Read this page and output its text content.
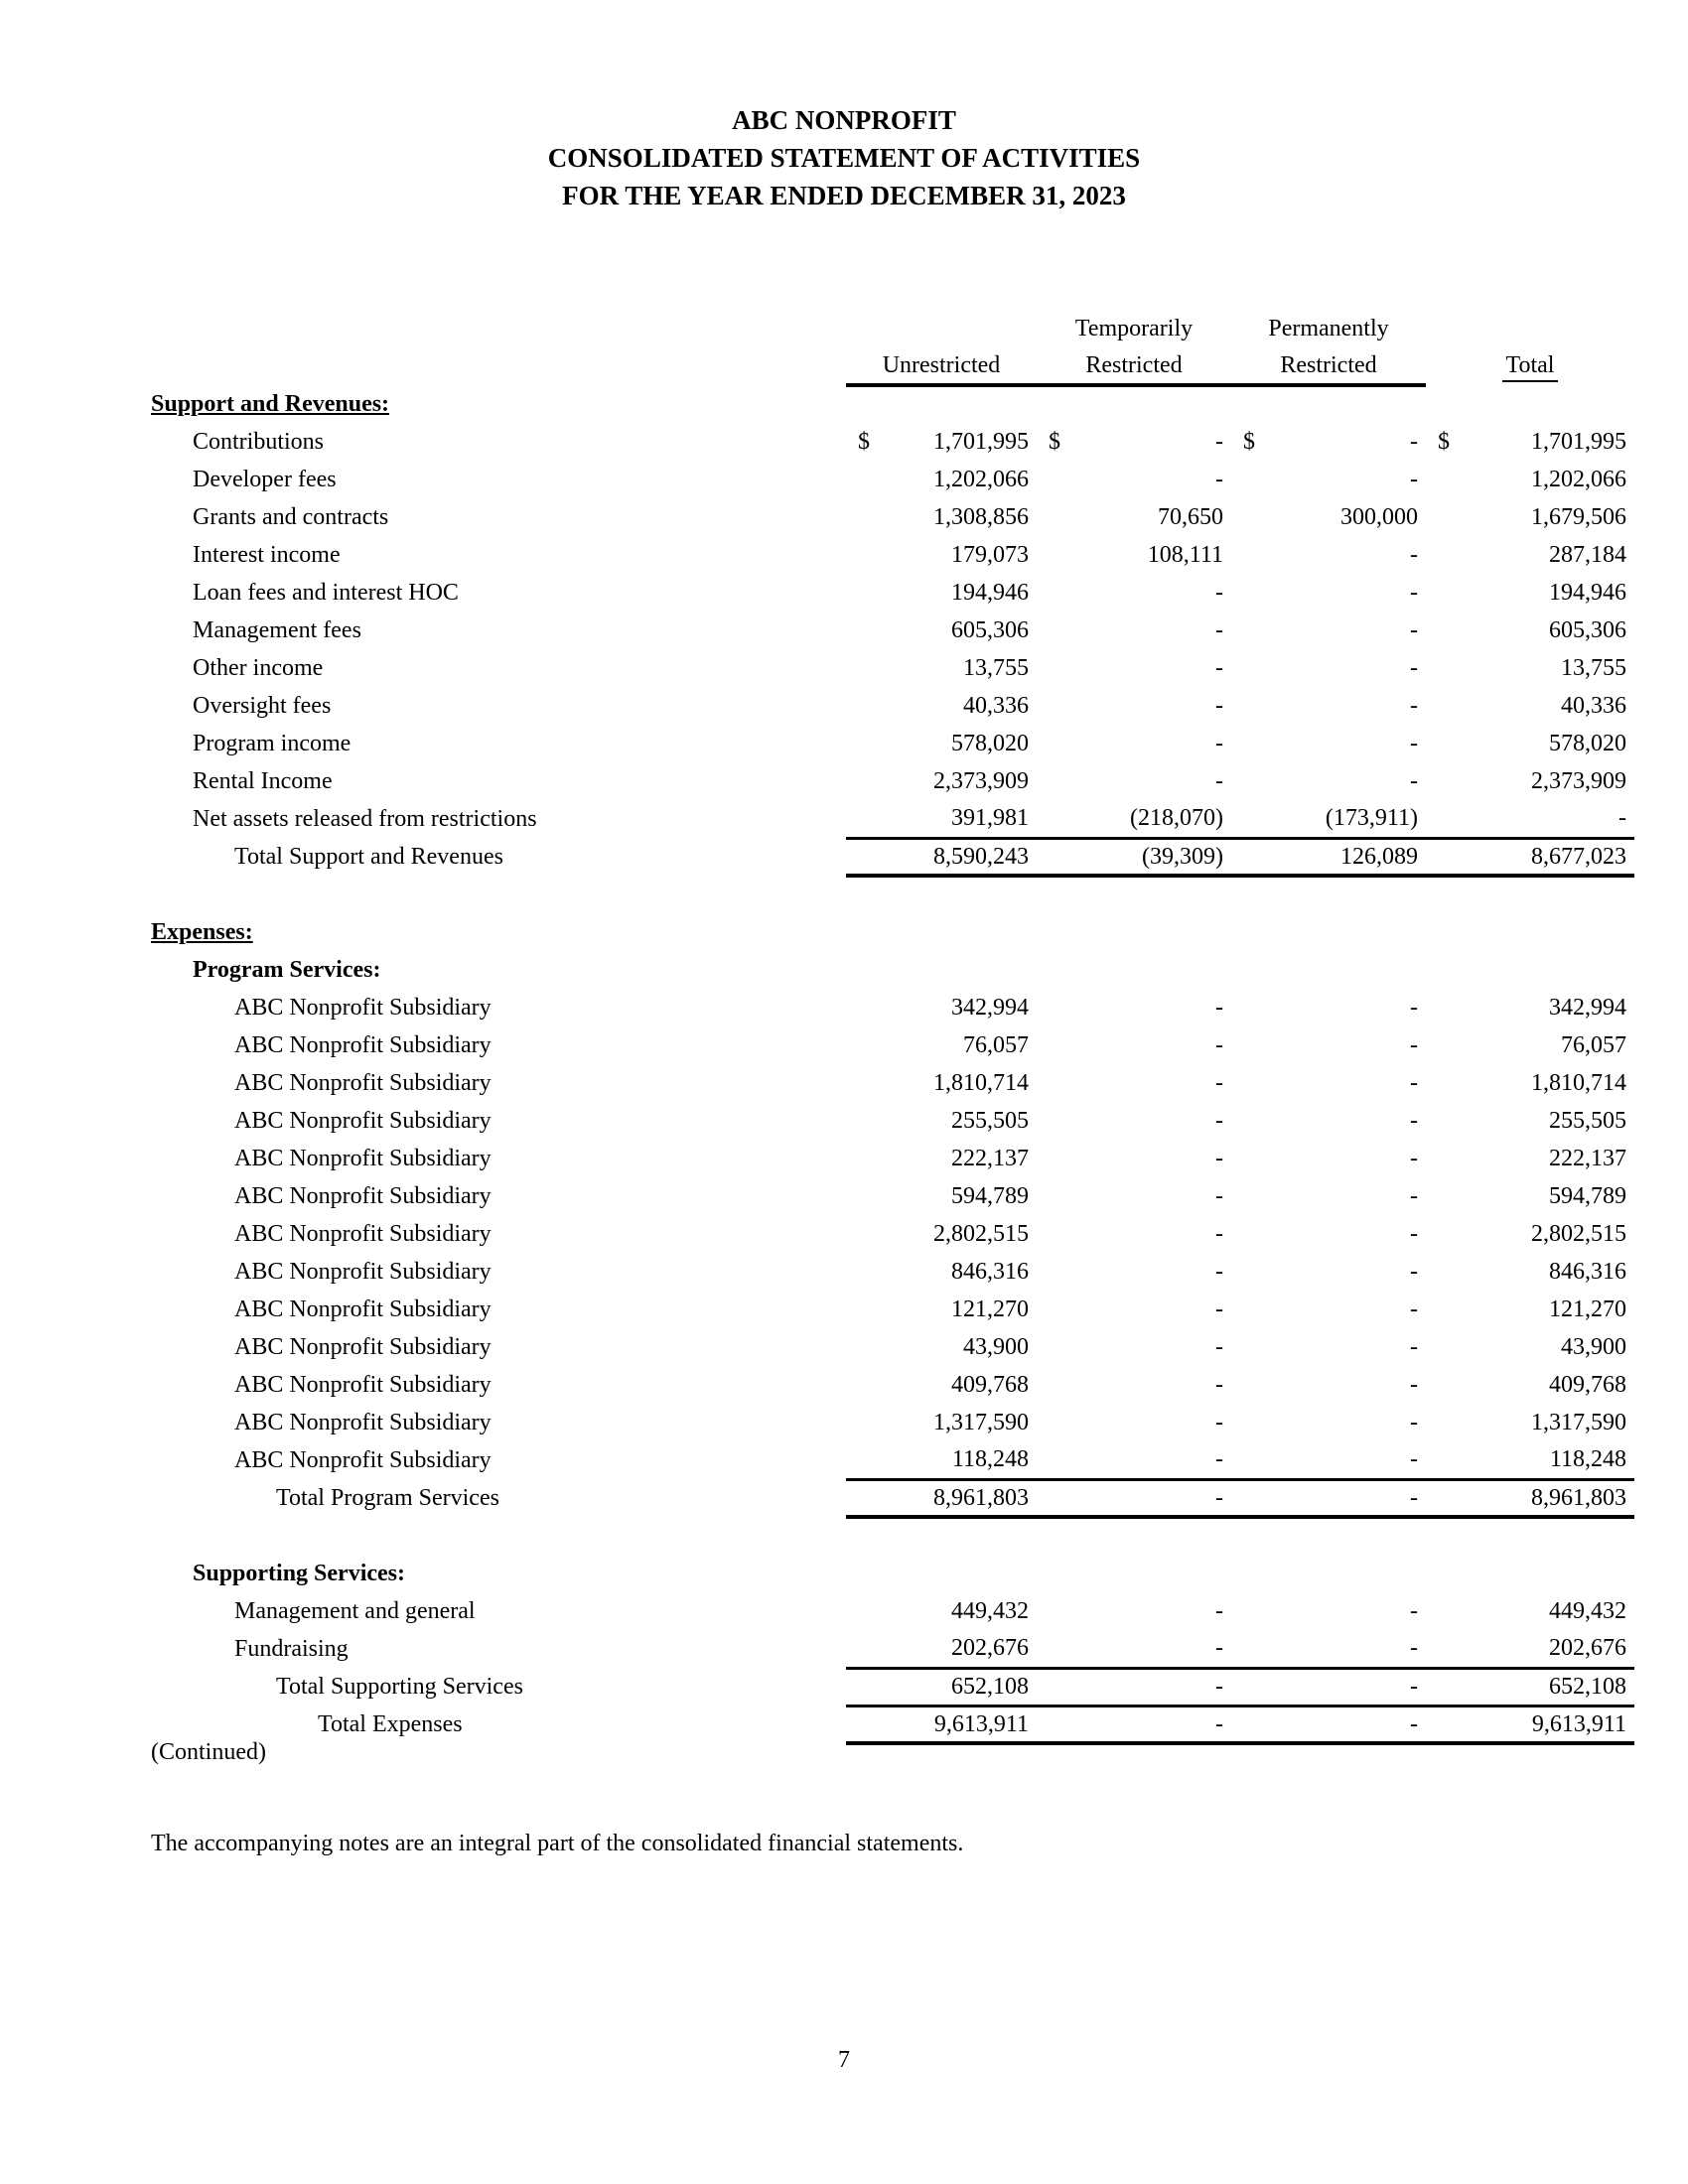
ABC NONPROFIT
CONSOLIDATED STATEMENT OF ACTIVITIES
FOR THE YEAR ENDED DECEMBER 31, 2023
		Temporarily	Permanently	
	Unrestricted	Restricted	Restricted	Total
Support and Revenues:				
Contributions	$ 1,701,995	$ -	$ -	$ 1,701,995

Developer fees	1,202,066	-	-	1,202,066
Grants and contracts	1,308,856	70,650	300,000	1,679,506
Interest income	179,073	108,111	-	287,184
Loan fees and interest HOC	194,946	-	-	194,946
Management fees	605,306	-	-	605,306
Other income	13,755	-	-	13,755
Oversight fees	40,336	-	-	40,336
Program income	578,020	-	-	578,020
Rental Income	2,373,909	-	-	2,373,909
Net assets released from restrictions	391,981	(218,070)	(173,911)	-
Total Support and Revenues	8,590,243	(39,309)	126,089	8,677,023

Expenses:				
Program Services:				
ABC Nonprofit Subsidiary	342,994	-	-	342,994
ABC Nonprofit Subsidiary	76,057	-	-	76,057
ABC Nonprofit Subsidiary	1,810,714	-	-	1,810,714
ABC Nonprofit Subsidiary	255,505	-	-	255,505
ABC Nonprofit Subsidiary	222,137	-	-	222,137
ABC Nonprofit Subsidiary	594,789	-	-	594,789
ABC Nonprofit Subsidiary	2,802,515	-	-	2,802,515
ABC Nonprofit Subsidiary	846,316	-	-	846,316
ABC Nonprofit Subsidiary	121,270	-	-	121,270
ABC Nonprofit Subsidiary	43,900	-	-	43,900
ABC Nonprofit Subsidiary	409,768	-	-	409,768
ABC Nonprofit Subsidiary	1,317,590	-	-	1,317,590
ABC Nonprofit Subsidiary	118,248	-	-	118,248
Total Program Services	8,961,803	-	-	8,961,803

Supporting Services:				
Management and general	449,432	-	-	449,432
Fundraising	202,676	-	-	202,676
Total Supporting Services	652,108	-	-	652,108
Total Expenses	9,613,911	-	-	9,613,911
(Continued)
The accompanying notes are an integral part of the consolidated financial statements.
7
